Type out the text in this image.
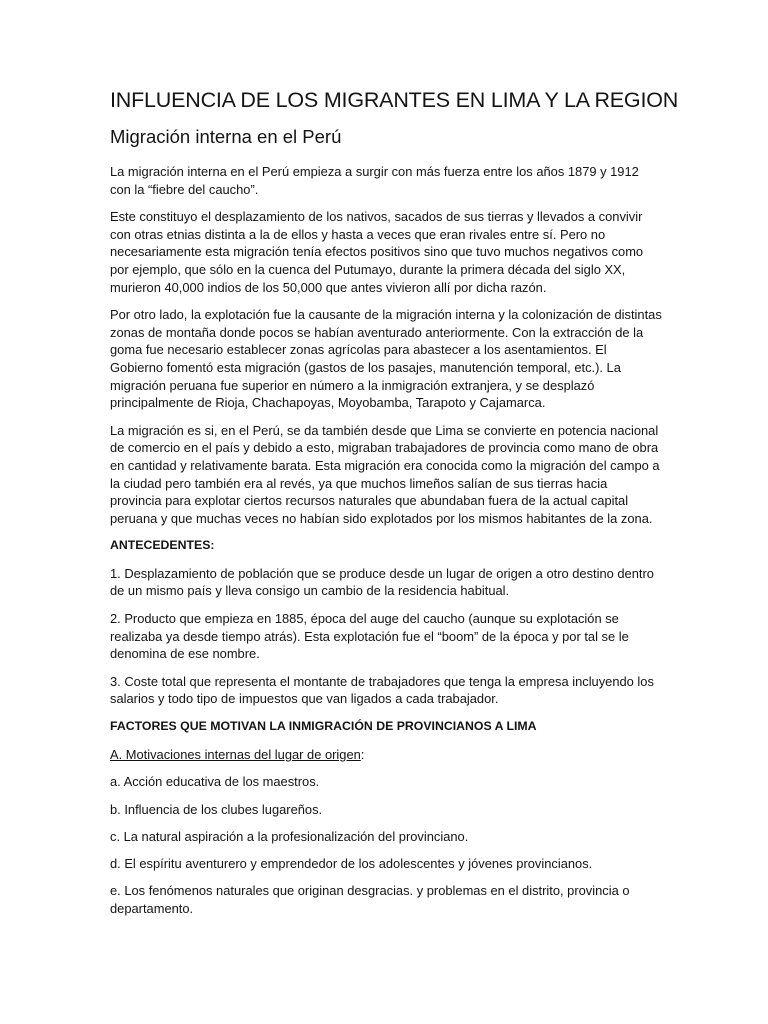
INFLUENCIA DE LOS MIGRANTES EN LIMA Y LA REGION
Migración interna en el Perú

La migración interna en el Perú empieza a surgir con más fuerza entre los años 1879 y 1912 con la “fiebre del caucho”.

Este constituyo el desplazamiento de los nativos, sacados de sus tierras y llevados a convivir con otras etnias distinta a la de ellos y hasta a veces que eran rivales entre sí. Pero no necesariamente esta migración tenía efectos positivos sino que tuvo muchos negativos como por ejemplo, que sólo en la cuenca del Putumayo, durante la primera década del siglo XX, murieron 40,000 indios de los 50,000 que antes vivieron allí por dicha razón.

Por otro lado, la explotación fue la causante de la migración interna y la colonización de distintas zonas de montaña donde pocos se habían aventurado anteriormente. Con la extracción de la goma fue necesario establecer zonas agrícolas para abastecer a los asentamientos. El Gobierno fomentó esta migración (gastos de los pasajes, manutención temporal, etc.). La migración peruana fue superior en número a la inmigración extranjera, y se desplazó principalmente de Rioja, Chachapoyas, Moyobamba, Tarapoto y Cajamarca.

La migración es si, en el Perú, se da también desde que Lima se convierte en potencia nacional de comercio en el país y debido a esto, migraban trabajadores de provincia como mano de obra en cantidad y relativamente barata. Esta migración era conocida como la migración del campo a la ciudad pero también era al revés, ya que muchos limeños salían de sus tierras hacia provincia para explotar ciertos recursos naturales que abundaban fuera de la actual capital peruana y que muchas veces no habían sido explotados por los mismos habitantes de la zona.

ANTECEDENTES:

1. Desplazamiento de población que se produce desde un lugar de origen a otro destino dentro de un mismo país y lleva consigo un cambio de la residencia habitual.

2. Producto que empieza en 1885, época del auge del caucho (aunque su explotación se realizaba ya desde tiempo atrás). Esta explotación fue el “boom” de la época y por tal se le denomina de ese nombre.

3. Coste total que representa el montante de trabajadores que tenga la empresa incluyendo los salarios y todo tipo de impuestos que van ligados a cada trabajador.

FACTORES QUE MOTIVAN LA INMIGRACIÓN DE PROVINCIANOS A LIMA

A. Motivaciones internas del lugar de origen:

a. Acción educativa de los maestros.

b. Influencia de los clubes lugareños.

c. La natural aspiración a la profesionalización del provinciano.

d. El espíritu aventurero y emprendedor de los adolescentes y jóvenes provincianos.

e. Los fenómenos naturales que originan desgracias. y problemas en el distrito, provincia o departamento.
